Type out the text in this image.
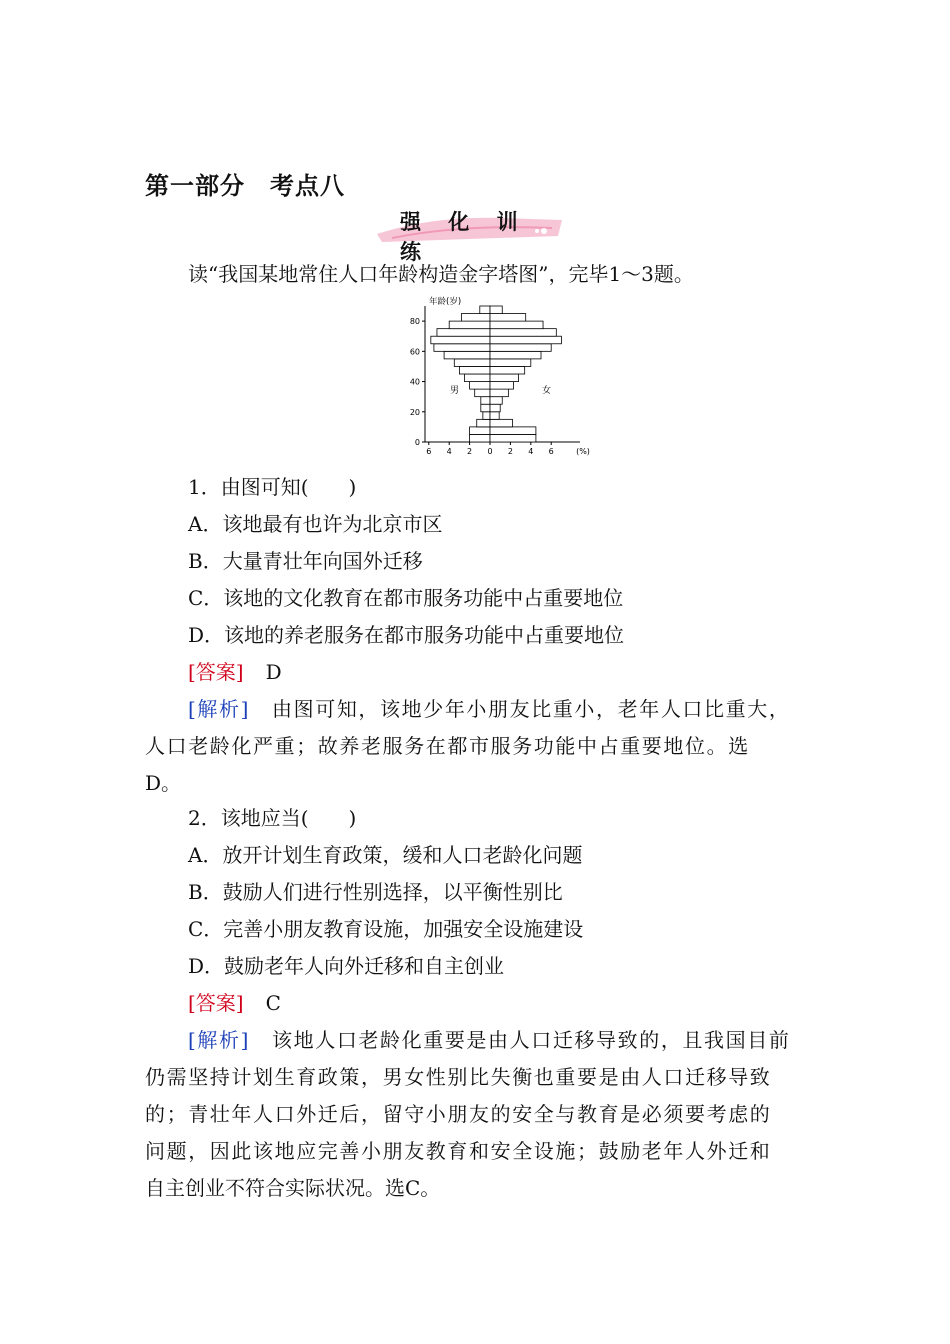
第一部分　考点八
强 化 训 练
读“我国某地常住人口年龄构造金字塔图”，完毕1～3题。
0
20
40
60
80
6 4 2 0 2 4 6
年龄(岁)
(%)
男	女
1．由图可知(　　)
A．该地最有也许为北京市区
B．大量青壮年向国外迁移
C．该地的文化教育在都市服务功能中占重要地位
D．该地的养老服务在都市服务功能中占重要地位
[答案] D
[解析] 由图可知，该地少年小朋友比重小，老年人口比重大，
人口老龄化严重；故养老服务在都市服务功能中占重要地位。选
D。
2．该地应当(　　)
A．放开计划生育政策，缓和人口老龄化问题
B．鼓励人们进行性别选择，以平衡性别比
C．完善小朋友教育设施，加强安全设施建设
D．鼓励老年人向外迁移和自主创业
[答案] C
[解析] 该地人口老龄化重要是由人口迁移导致的，且我国目前
仍需坚持计划生育政策，男女性别比失衡也重要是由人口迁移导致
的；青壮年人口外迁后，留守小朋友的安全与教育是必须要考虑的
问题，因此该地应完善小朋友教育和安全设施；鼓励老年人外迁和
自主创业不符合实际状况。选C。
